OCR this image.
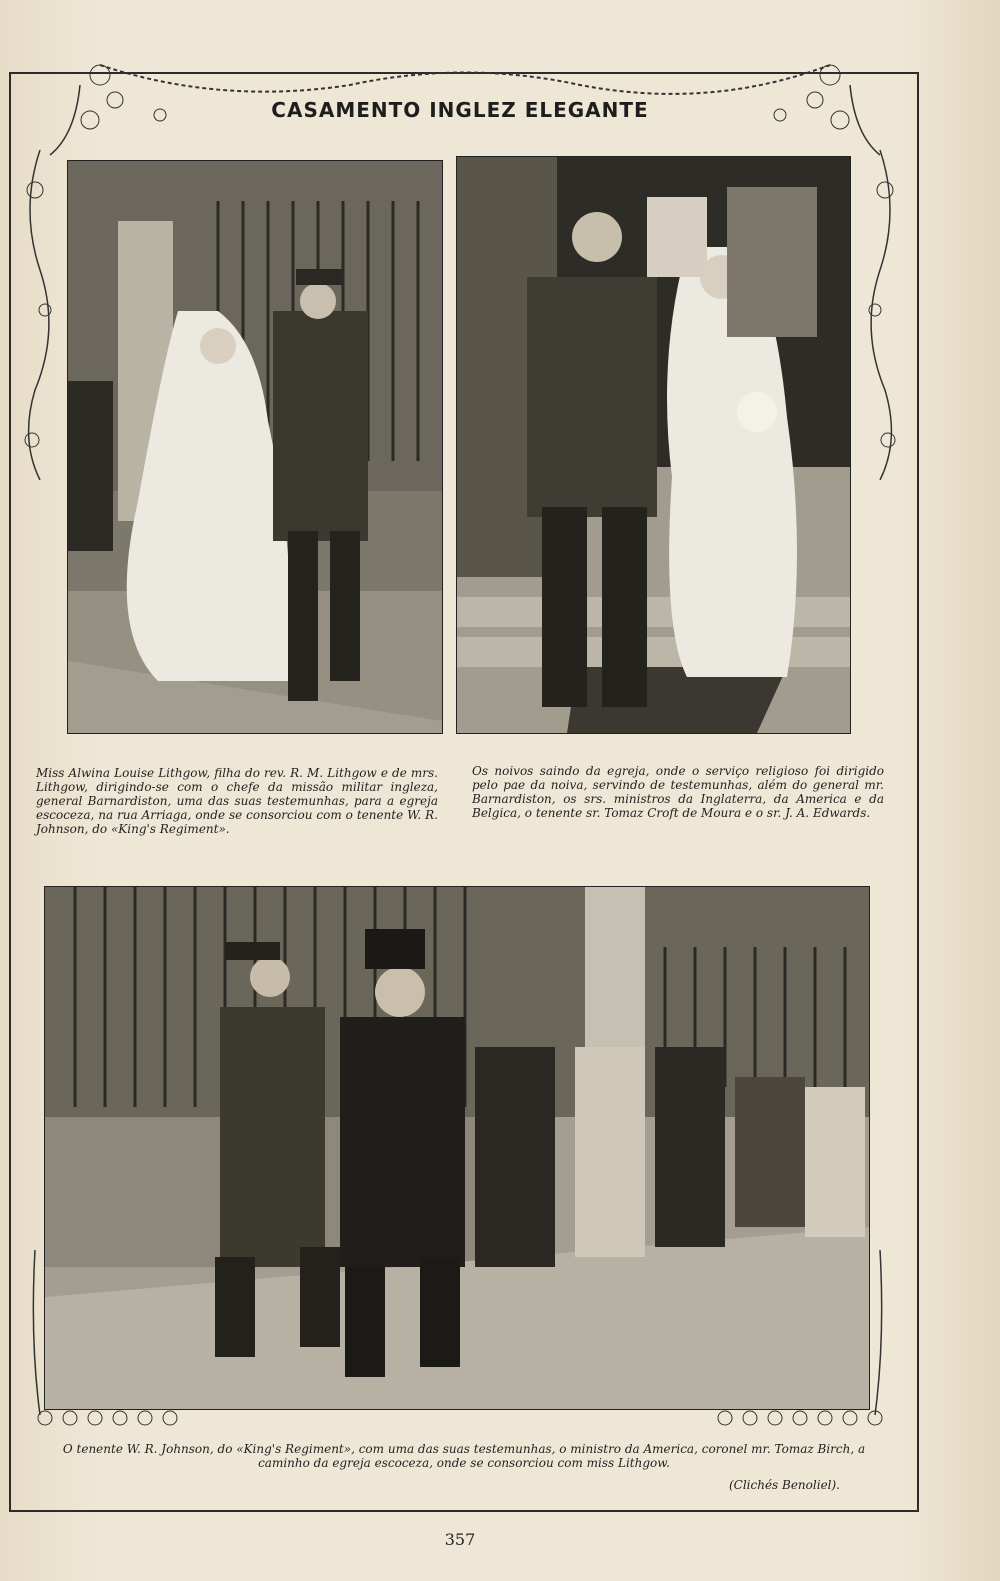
CASAMENTO INGLEZ ELEGANTE
Miss Alwina Louise Lithgow, filha do rev. R. M. Lithgow e de mrs. Lithgow, dirigindo-se com o chefe da missão militar ingleza, general Barnardiston, uma das suas testemunhas, para a egreja escoceza, na rua Arriaga, onde se consorciou com o tenente W. R. Johnson, do «King's Regiment».
Os noivos saindo da egreja, onde o serviço religioso foi dirigido pelo pae da noiva, servindo de testemunhas, além do general mr. Barnardiston, os srs. ministros da Inglaterra, da America e da Belgica, o tenente sr. Tomaz Croft de Moura e o sr. J. A. Edwards.
O tenente W. R. Johnson, do «King's Regiment», com uma das suas testemunhas, o ministro da America, coronel mr. Tomaz Birch, a caminho da egreja escoceza, onde se consorciou com miss Lithgow.
(Clichés Benoliel).
357
